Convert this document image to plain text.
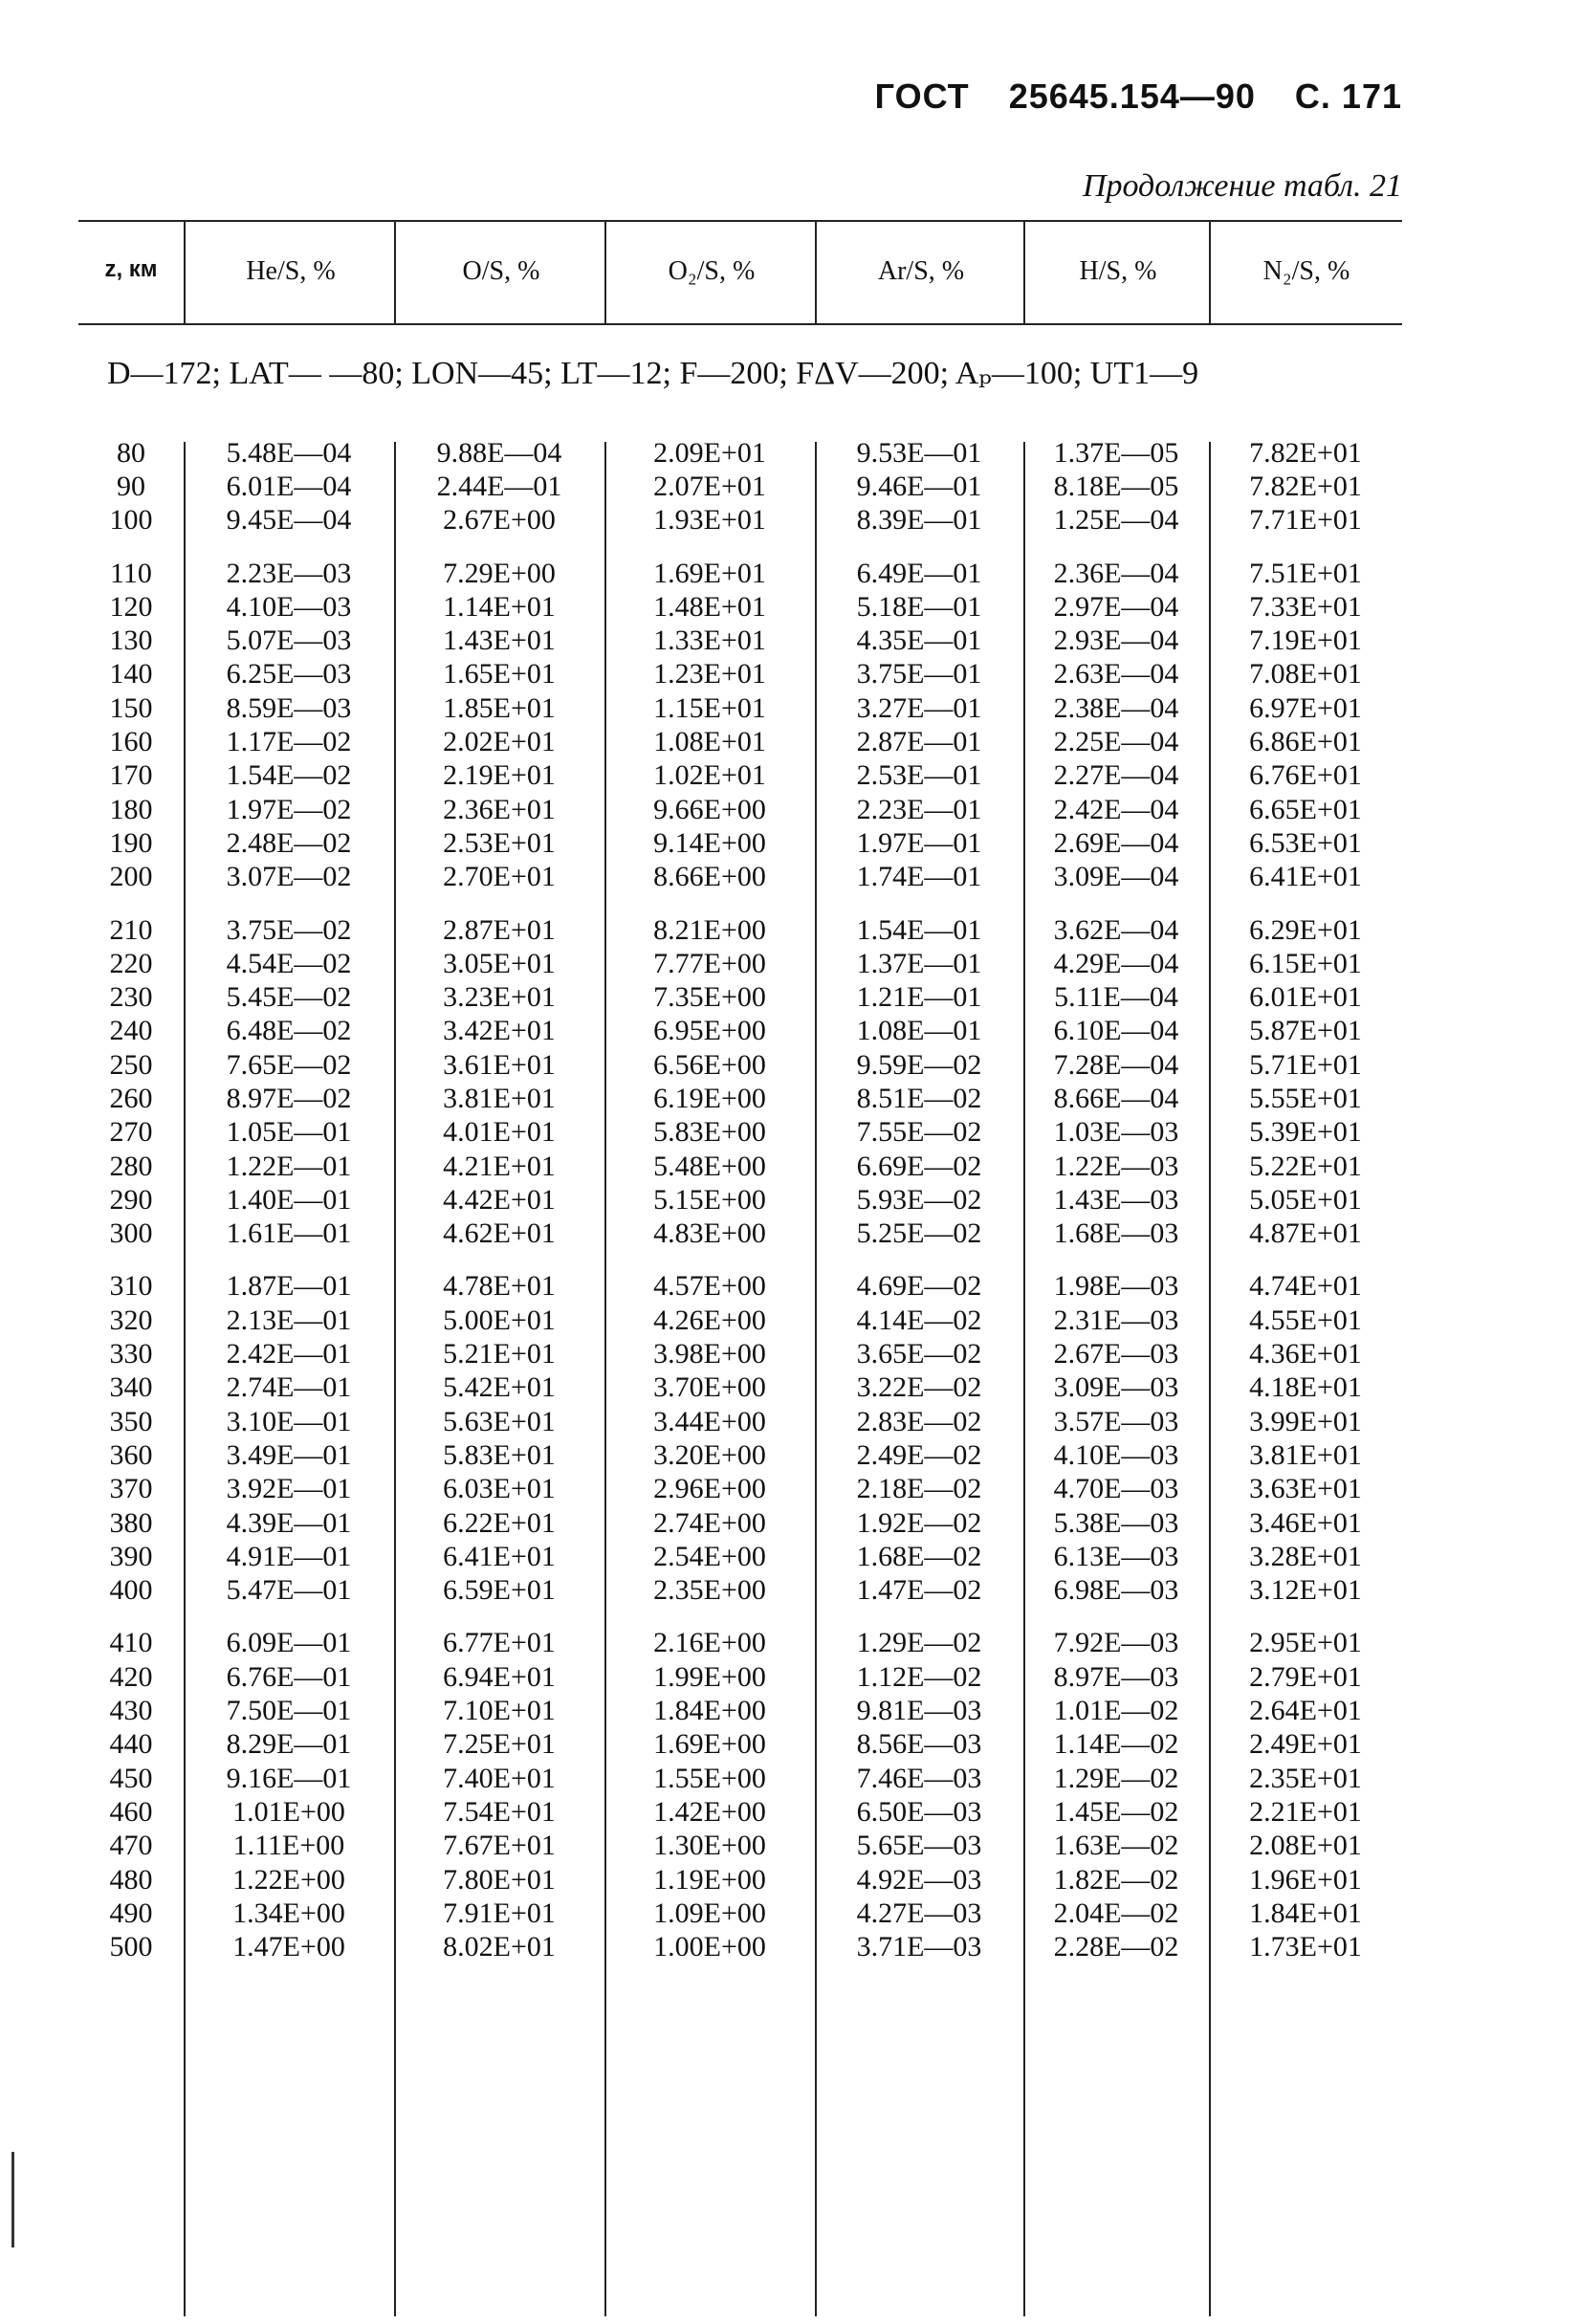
ГОСТ 25645.154—90 С. 171
Продолжение табл. 21
z, км	He/S, %	O/S, %	O₂/S, %	Ar/S, %	H/S, %	N₂/S, %
D—172; LAT— —80; LON—45; LT—12; F—200; FΔV—200; Aₚ—100; UT1—9
80	5.48E—04	9.88E—04	2.09E+01	9.53E—01	1.37E—05	7.82E+01
90	6.01E—04	2.44E—01	2.07E+01	9.46E—01	8.18E—05	7.82E+01
100	9.45E—04	2.67E+00	1.93E+01	8.39E—01	1.25E—04	7.71E+01
110	2.23E—03	7.29E+00	1.69E+01	6.49E—01	2.36E—04	7.51E+01
120	4.10E—03	1.14E+01	1.48E+01	5.18E—01	2.97E—04	7.33E+01
130	5.07E—03	1.43E+01	1.33E+01	4.35E—01	2.93E—04	7.19E+01
140	6.25E—03	1.65E+01	1.23E+01	3.75E—01	2.63E—04	7.08E+01
150	8.59E—03	1.85E+01	1.15E+01	3.27E—01	2.38E—04	6.97E+01
160	1.17E—02	2.02E+01	1.08E+01	2.87E—01	2.25E—04	6.86E+01
170	1.54E—02	2.19E+01	1.02E+01	2.53E—01	2.27E—04	6.76E+01
180	1.97E—02	2.36E+01	9.66E+00	2.23E—01	2.42E—04	6.65E+01
190	2.48E—02	2.53E+01	9.14E+00	1.97E—01	2.69E—04	6.53E+01
200	3.07E—02	2.70E+01	8.66E+00	1.74E—01	3.09E—04	6.41E+01
210	3.75E—02	2.87E+01	8.21E+00	1.54E—01	3.62E—04	6.29E+01
220	4.54E—02	3.05E+01	7.77E+00	1.37E—01	4.29E—04	6.15E+01
230	5.45E—02	3.23E+01	7.35E+00	1.21E—01	5.11E—04	6.01E+01
240	6.48E—02	3.42E+01	6.95E+00	1.08E—01	6.10E—04	5.87E+01
250	7.65E—02	3.61E+01	6.56E+00	9.59E—02	7.28E—04	5.71E+01
260	8.97E—02	3.81E+01	6.19E+00	8.51E—02	8.66E—04	5.55E+01
270	1.05E—01	4.01E+01	5.83E+00	7.55E—02	1.03E—03	5.39E+01
280	1.22E—01	4.21E+01	5.48E+00	6.69E—02	1.22E—03	5.22E+01
290	1.40E—01	4.42E+01	5.15E+00	5.93E—02	1.43E—03	5.05E+01
300	1.61E—01	4.62E+01	4.83E+00	5.25E—02	1.68E—03	4.87E+01
310	1.87E—01	4.78E+01	4.57E+00	4.69E—02	1.98E—03	4.74E+01
320	2.13E—01	5.00E+01	4.26E+00	4.14E—02	2.31E—03	4.55E+01
330	2.42E—01	5.21E+01	3.98E+00	3.65E—02	2.67E—03	4.36E+01
340	2.74E—01	5.42E+01	3.70E+00	3.22E—02	3.09E—03	4.18E+01
350	3.10E—01	5.63E+01	3.44E+00	2.83E—02	3.57E—03	3.99E+01
360	3.49E—01	5.83E+01	3.20E+00	2.49E—02	4.10E—03	3.81E+01
370	3.92E—01	6.03E+01	2.96E+00	2.18E—02	4.70E—03	3.63E+01
380	4.39E—01	6.22E+01	2.74E+00	1.92E—02	5.38E—03	3.46E+01
390	4.91E—01	6.41E+01	2.54E+00	1.68E—02	6.13E—03	3.28E+01
400	5.47E—01	6.59E+01	2.35E+00	1.47E—02	6.98E—03	3.12E+01
410	6.09E—01	6.77E+01	2.16E+00	1.29E—02	7.92E—03	2.95E+01
420	6.76E—01	6.94E+01	1.99E+00	1.12E—02	8.97E—03	2.79E+01
430	7.50E—01	7.10E+01	1.84E+00	9.81E—03	1.01E—02	2.64E+01
440	8.29E—01	7.25E+01	1.69E+00	8.56E—03	1.14E—02	2.49E+01
450	9.16E—01	7.40E+01	1.55E+00	7.46E—03	1.29E—02	2.35E+01
460	1.01E+00	7.54E+01	1.42E+00	6.50E—03	1.45E—02	2.21E+01
470	1.11E+00	7.67E+01	1.30E+00	5.65E—03	1.63E—02	2.08E+01
480	1.22E+00	7.80E+01	1.19E+00	4.92E—03	1.82E—02	1.96E+01
490	1.34E+00	7.91E+01	1.09E+00	4.27E—03	2.04E—02	1.84E+01
500	1.47E+00	8.02E+01	1.00E+00	3.71E—03	2.28E—02	1.73E+01
